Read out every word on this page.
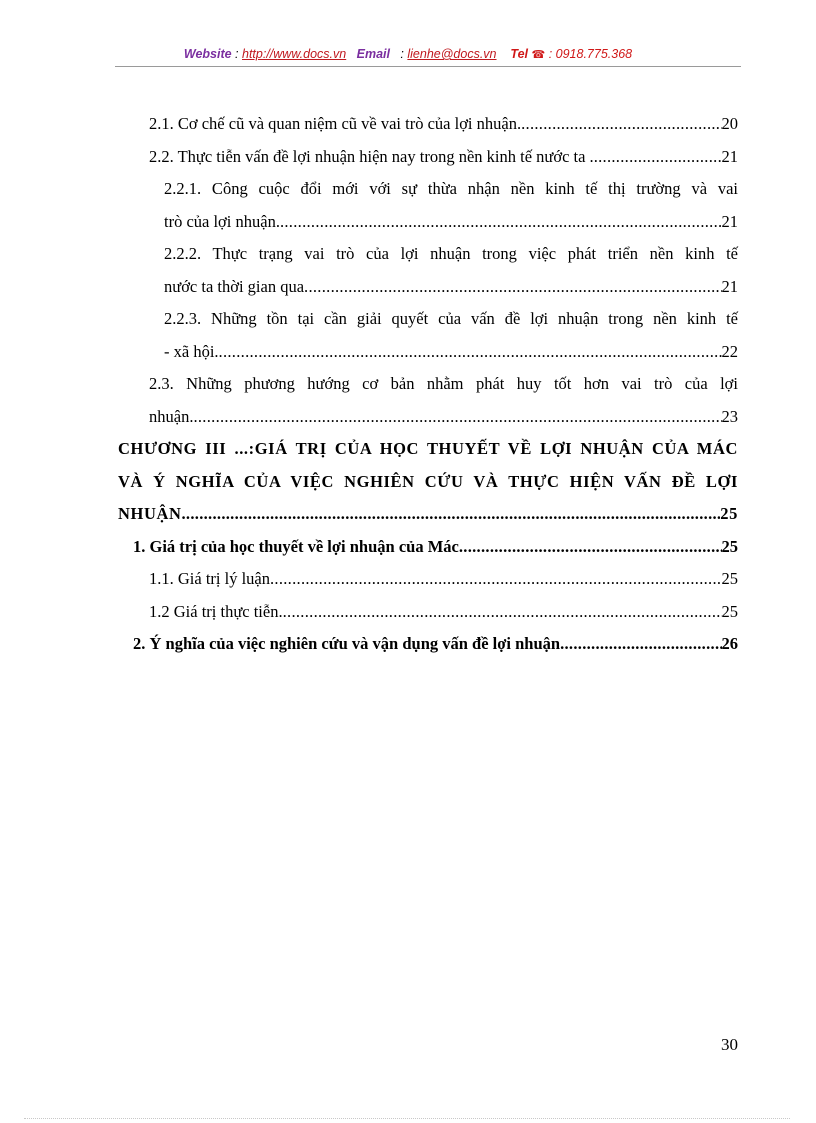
Website : http://www.docs.vn Email   : lienhe@docs.vn Tel ☎ : 0918.775.368
2.1. Cơ chế cũ và quan niệm cũ về vai trò của lợi nhuận. .....	20
2.2. Thực tiễn vấn đề lợi nhuận hiện nay trong nền kinh tế nước ta . .....	21
2.2.1. Công cuộc đổi mới với sự thừa nhận nền kinh tế thị trường và vai
trò của lợi nhuận. .....	21
2.2.2. Thực trạng vai trò của lợi nhuận trong việc phát triển nền kinh tế
nước ta thời gian qua .....	21
2.2.3. Những tồn tại cần giải quyết của vấn đề lợi nhuận trong nền kinh tế
- xã hội. .....	22
2.3. Những phương hướng cơ bản nhằm phát huy tốt hơn vai trò của lợi
nhuận. .....	23
CHƯƠNG III ...:GIÁ TRỊ CỦA HỌC THUYẾT VỀ LỢI NHUẬN CỦA MÁC
VÀ Ý NGHĨA CỦA VIỆC NGHIÊN CỨU VÀ THỰC HIỆN VẤN ĐỀ LỢI
NHUẬN .....	25
1. Giá trị của học thuyết về lợi nhuận của Mác .....	25
1.1. Giá trị lý luận .....	25
1.2 Giá trị thực tiễn. .....	25
2. Ý nghĩa của việc nghiên cứu và vận dụng vấn đề lợi nhuận .....	26
30
